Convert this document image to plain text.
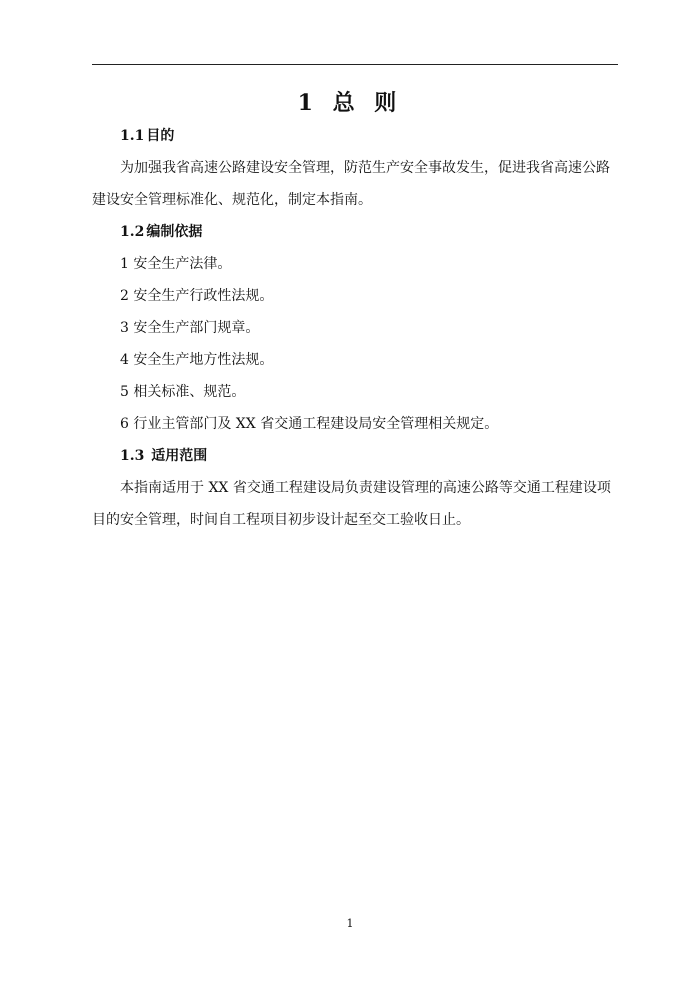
1 总 则
1.1 目的
为加强我省高速公路建设安全管理，防范生产安全事故发生，促进我省高速公路
建设安全管理标准化、规范化，制定本指南。
1.2 编制依据
1 安全生产法律。
2 安全生产行政性法规。
3 安全生产部门规章。
4 安全生产地方性法规。
5 相关标准、规范。
6 行业主管部门及 XX 省交通工程建设局安全管理相关规定。
1.3 适用范围
本指南适用于 XX 省交通工程建设局负责建设管理的高速公路等交通工程建设项
目的安全管理，时间自工程项目初步设计起至交工验收日止。
1
